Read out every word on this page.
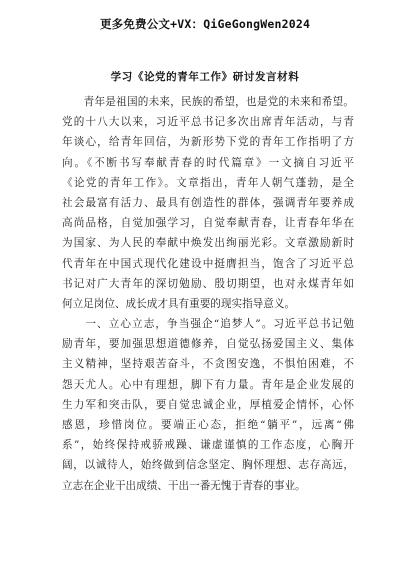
更多免费公文+VX：QiGeGongWen2024
学习《论党的青年工作》研讨发言材料
　　青年是祖国的未来，民族的希望，也是党的未来和希望。
党的十八大以来，习近平总书记多次出席青年活动，与青
年谈心，给青年回信，为新形势下党的青年工作指明了方
向。《不断书写奉献青春的时代篇章》一文摘自习近平
《论党的青年工作》。文章指出，青年人朝气蓬勃，是全
社会最富有活力、最具有创造性的群体，强调青年要养成
高尚品格，自觉加强学习，自觉奉献青春，让青春年华在
为国家、为人民的奉献中焕发出绚丽光彩。文章激励新时
代青年在中国式现代化建设中挺膺担当，饱含了习近平总
书记对广大青年的深切勉励、殷切期望，也对永煤青年如
何立足岗位、成长成才具有重要的现实指导意义。
　　一、立心立志，争当强企“追梦人”。习近平总书记勉
励青年，要加强思想道德修养，自觉弘扬爱国主义、集体
主义精神，坚持艰苦奋斗，不贪图安逸，不惧怕困难，不
怨天尤人。心中有理想，脚下有力量。青年是企业发展的
生力军和突击队，要自觉忠诚企业，厚植爱企情怀，心怀
感恩，珍惜岗位。要端正心态，拒绝“躺平”，远离“佛
系”，始终保持戒骄戒躁、谦虚谨慎的工作态度，心胸开
阔，以诚待人，始终做到信念坚定、胸怀理想、志存高远，
立志在企业干出成绩、干出一番无愧于青春的事业。
